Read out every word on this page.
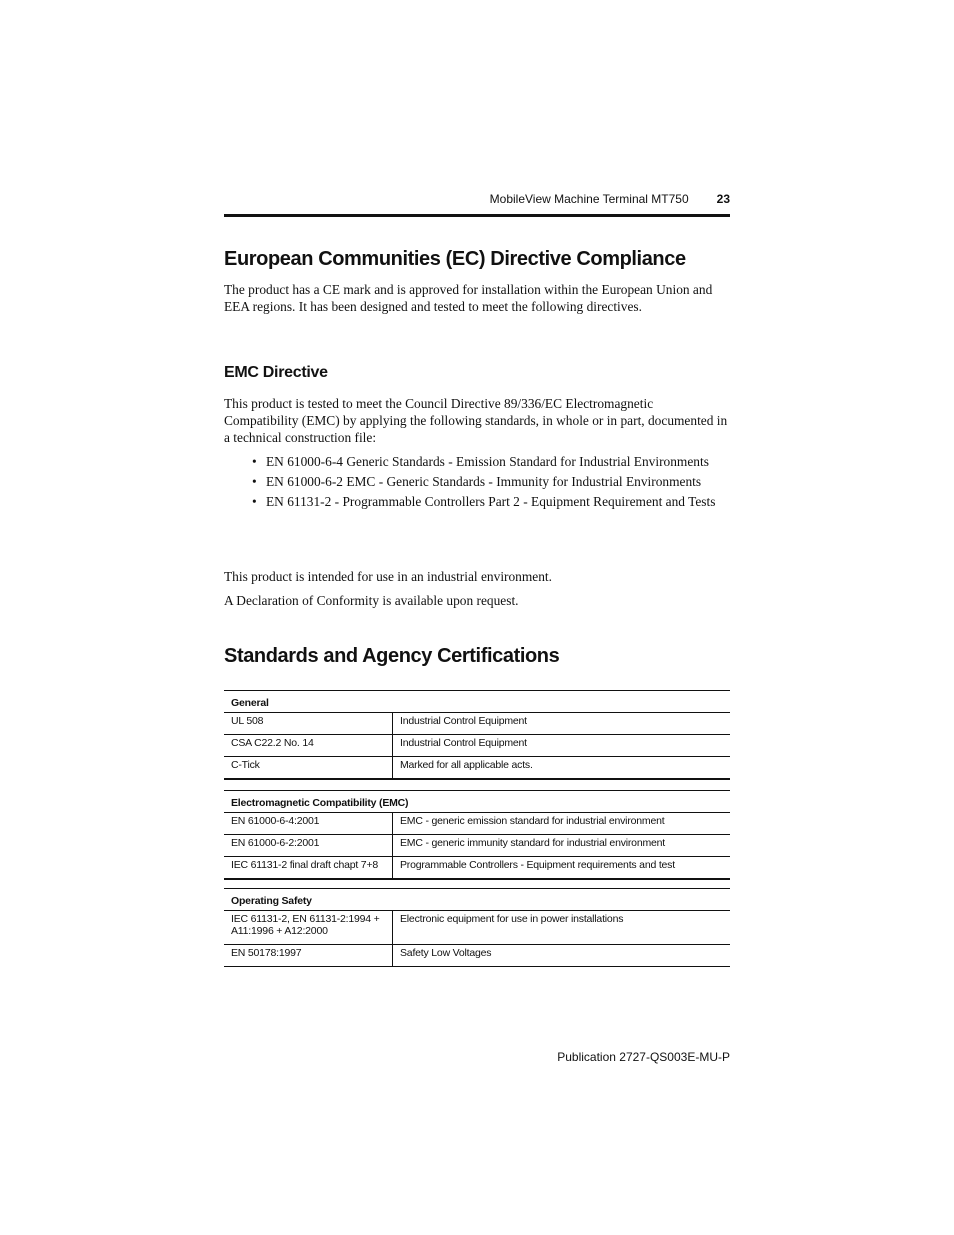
MobileView Machine Terminal MT750 23
European Communities (EC) Directive Compliance

The product has a CE mark and is approved for installation within the European Union and EEA regions. It has been designed and tested to meet the following directives.

EMC Directive

This product is tested to meet the Council Directive 89/336/EC Electromagnetic Compatibility (EMC) by applying the following standards, in whole or in part, documented in a technical construction file:

• EN 61000-6-4 Generic Standards - Emission Standard for Industrial Environments
• EN 61000-6-2 EMC - Generic Standards - Immunity for Industrial Environments
• EN 61131-2 - Programmable Controllers Part 2 - Equipment Requirement and Tests

This product is intended for use in an industrial environment.

A Declaration of Conformity is available upon request.

Standards and Agency Certifications
General	
UL 508	Industrial Control Equipment
CSA C22.2 No. 14	Industrial Control Equipment
C-Tick	Marked for all applicable acts.
Electromagnetic Compatibility (EMC)	
EN 61000-6-4:2001	EMC - generic emission standard for industrial environment
EN 61000-6-2:2001	EMC - generic immunity standard for industrial environment
IEC 61131-2 final draft chapt 7+8	Programmable Controllers - Equipment requirements and test
Operating Safety	
IEC 61131-2, EN 61131-2:1994 + A11:1996 + A12:2000	Electronic equipment for use in power installations
EN 50178:1997	Safety Low Voltages
Publication 2727-QS003E-MU-P
